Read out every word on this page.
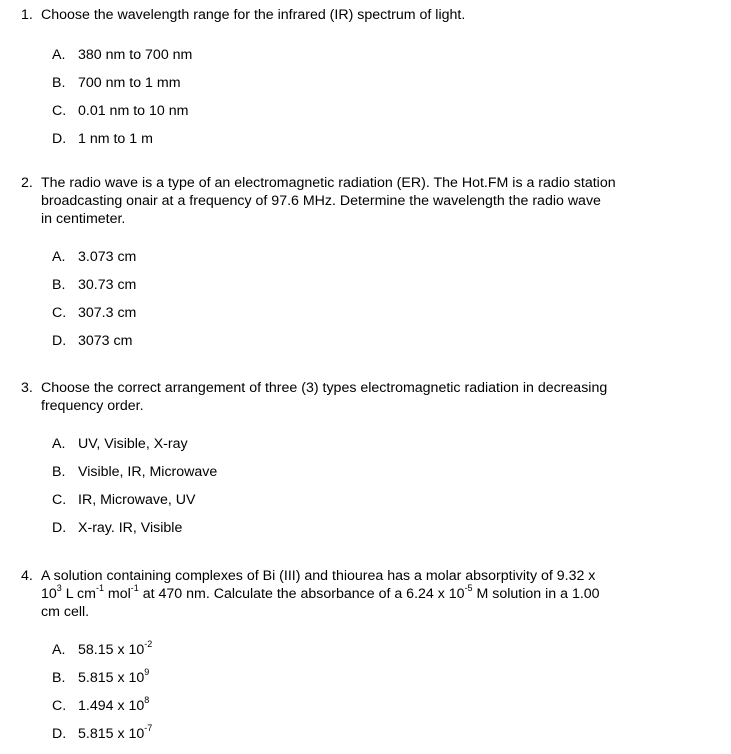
1. Choose the wavelength range for the infrared (IR) spectrum of light.
A. 380 nm to 700 nm
B. 700 nm to 1 mm
C. 0.01 nm to 10 nm
D. 1 nm to 1 m
2. The radio wave is a type of an electromagnetic radiation (ER). The Hot.FM is a radio station
broadcasting onair at a frequency of 97.6 MHz. Determine the wavelength the radio wave
in centimeter.
A. 3.073 cm
B. 30.73 cm
C. 307.3 cm
D. 3073 cm
3. Choose the correct arrangement of three (3) types electromagnetic radiation in decreasing
frequency order.
A. UV, Visible, X-ray
B. Visible, IR, Microwave
C. IR, Microwave, UV
D. X-ray. IR, Visible
4. A solution containing complexes of Bi (III) and thiourea has a molar absorptivity of 9.32 x
$10^3$ L $cm^{-1}$ mol$^{-1}$ at 470 nm. Calculate the absorbance of a 6.24 x $10^{-5}$ M solution in a 1.00
cm cell.
A. 58.15 x $10^{-2}$
B. 5.815 x $10^9$
C. 1.494 x $10^8$
D. 5.815 x $10^{-7}$
